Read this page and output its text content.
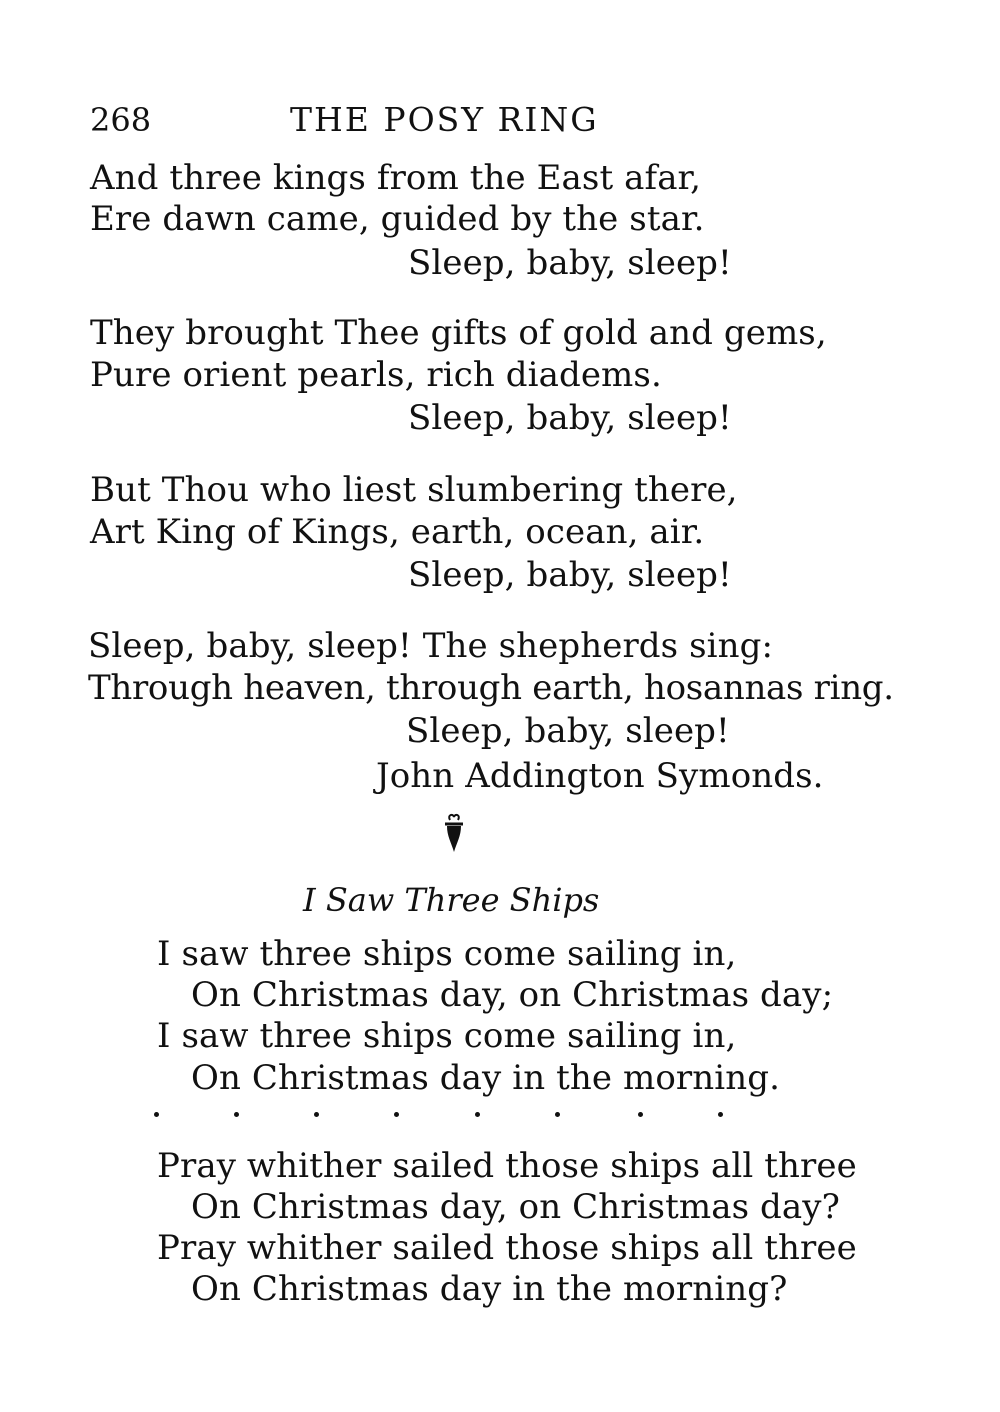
268	THE POSY RING
And three kings from the East afar,
Ere dawn came, guided by the star.
Sleep, baby, sleep!
They brought Thee gifts of gold and gems,
Pure orient pearls, rich diadems.
Sleep, baby, sleep!
But Thou who liest slumbering there,
Art King of Kings, earth, ocean, air.
Sleep, baby, sleep!
Sleep, baby, sleep! The shepherds sing:
Through heaven, through earth, hosannas ring.
Sleep, baby, sleep!
John Addington Symonds.
I Saw Three Ships
I saw three ships come sailing in,
On Christmas day, on Christmas day;
I saw three ships come sailing in,
On Christmas day in the morning.
Pray whither sailed those ships all three
On Christmas day, on Christmas day?
Pray whither sailed those ships all three
On Christmas day in the morning?
